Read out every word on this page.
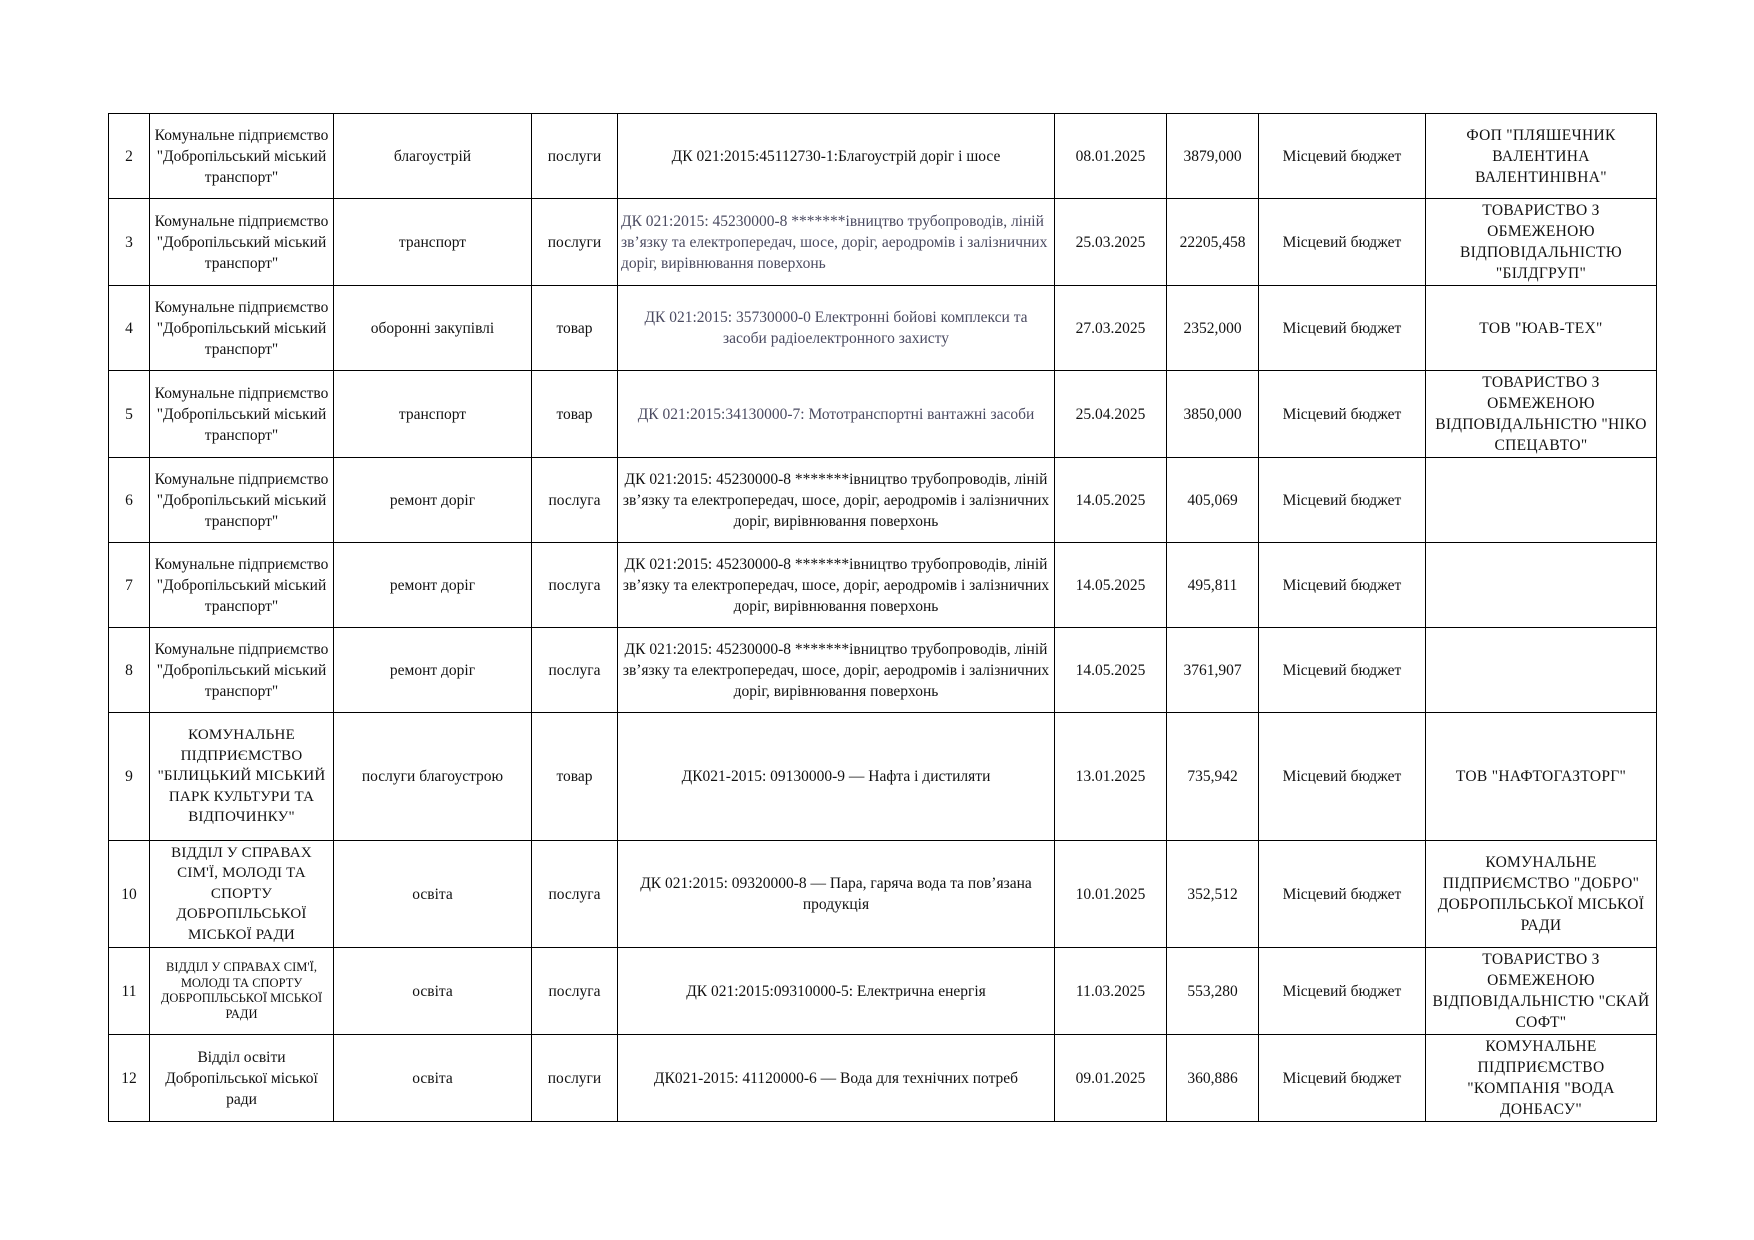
2	Комунальне підприємство "Добропільський міський транспорт"	благоустрій	послуги	ДК 021:2015:45112730-1:Благоустрій доріг і шосе	08.01.2025	3879,000	Місцевий бюджет	ФОП "ПЛЯШЕЧНИК ВАЛЕНТИНА ВАЛЕНТИНІВНА"
3	Комунальне підприємство "Добропільський міський транспорт"	транспорт	послуги	ДК 021:2015: 45230000-8 *******івництво трубопроводів, ліній зв’язку та електропередач, шосе, доріг, аеродромів і залізничних доріг, вирівнювання поверхонь	25.03.2025	22205,458	Місцевий бюджет	ТОВАРИСТВО З ОБМЕЖЕНОЮ ВІДПОВІДАЛЬНІСТЮ "БІЛДГРУП"
4	Комунальне підприємство "Добропільський міський транспорт"	оборонні закупівлі	товар	ДК 021:2015: 35730000-0 Електронні бойові комплекси та засоби радіоелектронного захисту	27.03.2025	2352,000	Місцевий бюджет	ТОВ "ЮАВ-ТЕХ"
5	Комунальне підприємство "Добропільський міський транспорт"	транспорт	товар	ДК 021:2015:34130000-7: Мототранспортні вантажні засоби	25.04.2025	3850,000	Місцевий бюджет	ТОВАРИСТВО З ОБМЕЖЕНОЮ ВІДПОВІДАЛЬНІСТЮ "НІКО СПЕЦАВТО"
6	Комунальне підприємство "Добропільський міський транспорт"	ремонт доріг	послуга	ДК 021:2015: 45230000-8 *******івництво трубопроводів, ліній зв’язку та електропередач, шосе, доріг, аеродромів і залізничних доріг, вирівнювання поверхонь	14.05.2025	405,069	Місцевий бюджет	
7	Комунальне підприємство "Добропільський міський транспорт"	ремонт доріг	послуга	ДК 021:2015: 45230000-8 *******івництво трубопроводів, ліній зв’язку та електропередач, шосе, доріг, аеродромів і залізничних доріг, вирівнювання поверхонь	14.05.2025	495,811	Місцевий бюджет	
8	Комунальне підприємство "Добропільський міський транспорт"	ремонт доріг	послуга	ДК 021:2015: 45230000-8 *******івництво трубопроводів, ліній зв’язку та електропередач, шосе, доріг, аеродромів і залізничних доріг, вирівнювання поверхонь	14.05.2025	3761,907	Місцевий бюджет	
9	КОМУНАЛЬНЕ ПІДПРИЄМСТВО "БІЛИЦЬКИЙ МІСЬКИЙ ПАРК КУЛЬТУРИ ТА ВІДПОЧИНКУ"	послуги благоустрою	товар	ДК021-2015: 09130000-9 — Нафта і дистиляти	13.01.2025	735,942	Місцевий бюджет	ТОВ "НАФТОГАЗТОРГ"
10	ВІДДІЛ У СПРАВАХ СІМ'Ї, МОЛОДІ ТА СПОРТУ ДОБРОПІЛЬСЬКОЇ МІСЬКОЇ РАДИ	освіта	послуга	ДК 021:2015: 09320000-8 — Пара, гаряча вода та пов’язана продукція	10.01.2025	352,512	Місцевий бюджет	КОМУНАЛЬНЕ ПІДПРИЄМСТВО "ДОБРО" ДОБРОПІЛЬСЬКОЇ МІСЬКОЇ РАДИ
11	ВІДДІЛ У СПРАВАХ СІМ'Ї, МОЛОДІ ТА СПОРТУ ДОБРОПІЛЬСЬКОЇ МІСЬКОЇ РАДИ	освіта	послуга	ДК 021:2015:09310000-5: Електрична енергія	11.03.2025	553,280	Місцевий бюджет	ТОВАРИСТВО З ОБМЕЖЕНОЮ ВІДПОВІДАЛЬНІСТЮ "СКАЙ СОФТ"
12	Відділ освіти Добропільської міської ради	освіта	послуги	ДК021-2015: 41120000-6 — Вода для технічних потреб	09.01.2025	360,886	Місцевий бюджет	КОМУНАЛЬНЕ ПІДПРИЄМСТВО "КОМПАНІЯ "ВОДА ДОНБАСУ"
